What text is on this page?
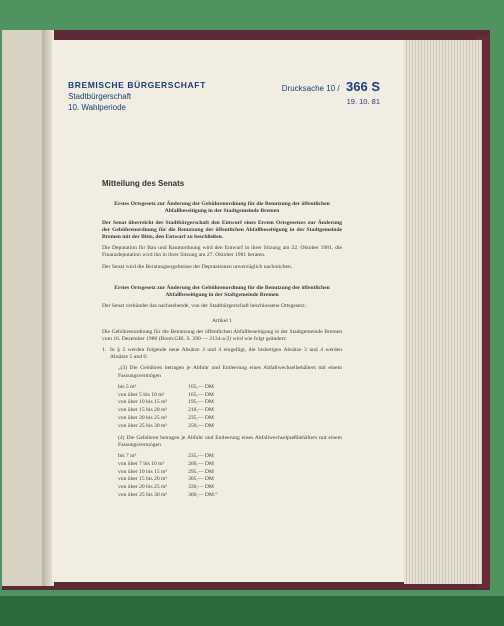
BREMISCHE BÜRGERSCHAFT
Stadtbürgerschaft
10. Wahlperiode
Drucksache 10 / 366 S
19. 10. 81
Mitteilung des Senats

Erstes Ortsgesetz zur Änderung der Gebührenordnung für die Benutzung der öffentlichen Abfallbeseitigung in der Stadtgemeinde Bremen

Der Senat überreicht der Stadtbürgerschaft den Entwurf eines Ersten Ortsgesetzes zur Änderung der Gebührenordnung für die Benutzung der öffentlichen Abfallbeseitigung in der Stadtgemeinde Bremen mit der Bitte, den Entwurf zu beschließen.

Die Deputation für Bau und Raumordnung wird den Entwurf in ihrer Sitzung am 22. Oktober 1981, die Finanzdeputation wird ihn in ihrer Sitzung am 27. Oktober 1981 beraten.

Der Senat wird die Beratungsergebnisse der Deputationen unverzüglich nachreichen.

Erstes Ortsgesetz zur Änderung der Gebührenordnung für die Benutzung der öffentlichen Abfallbeseitigung in der Staftgemeinde Bremen

Der Senat verkündet das nachstehende, von der Stadtbürgerschaft beschlossene Ortsgesetz:

Artikel 1

Die Gebührenordnung für die Benutzung der öffentlichen Abfallbeseitigung in der Stadtgemeinde Bremen vom 16. Dezember 1980 (Brem.GBl. S. 390 — 2134-a-2) wird wie folgt geändert:

1. In § 2 werden folgende neue Absätze 3 und 4 eingefügt, die bisherigen Absätze 3 und 4 werden Absätze 5 und 6:

„(3) Die Gebühren betragen je Abfuhr und Entleerung eines Abfallwechselbehälters mit einem Fassungsvermögen

bis 5 m³	165,— DM
von über 5 bis 10 m³	165,— DM
von über 10 bis 15 m³	195,— DM
von über 15 bis 20 m³	210,— DM
von über 20 bis 25 m³	235,— DM
von über 25 bis 30 m³	250,— DM

(4) Die Gebühren betragen je Abfuhr und Entleerung eines Abfallwechselpreßbehälters mit einem Fassungsvermögen

bis 7 m³	235,— DM
von über 7 bis 10 m³	260,— DM
von über 10 bis 15 m³	295,— DM
von über 15 bis 20 m³	305,— DM
von über 20 bis 25 m³	330,— DM
von über 25 bis 30 m³	360,— DM.“
